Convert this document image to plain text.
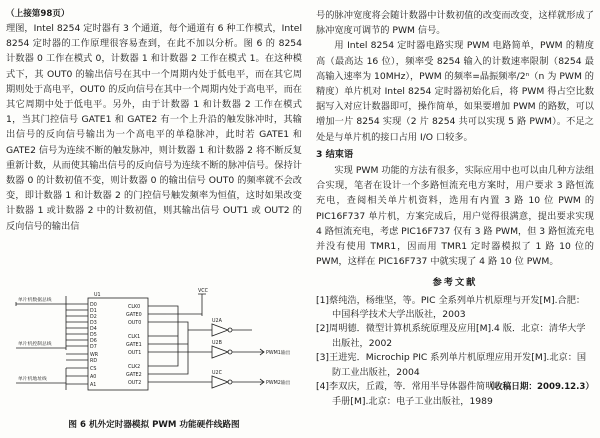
（上接第98页）

理图，Intel 8254 定时器有 3 个通道，每个通道有 6 种工作模式，Intel 8254 定时器的工作原理很容易查到，在此不加以分析。图 6 的 8254 计数器 0 工作在模式 0，计数器 1 和计数器 2 工作在模式 1。在这种模式下，其 OUT0 的输出信号在其中一个周期内处于低电平，而在其它周期则处于高电平，OUT0 的反向信号在其中一个周期内处于高电平，而在其它周期中处于低电平。另外，由于计数器 1 和计数器 2 工作在模式 1，当其门控信号 GATE1 和 GATE2 有一个上升沿的触发脉冲时，其输出信号的反向信号输出为一个高电平的单稳脉冲，此时若 GATE1 和 GATE2 信号为连续不断的触发脉冲，则计数器 1 和计数器 2 将不断反复重新计数，从而使其输出信号的反向信号为连续不断的脉冲信号。保持计数器 0 的计数初值不变，则计数器 0 的输出信号 OUT0 的频率就不会改变，即计数器 1 和计数器 2 的门控信号触发频率为恒值，这时如果改变计数器 1 或计数器 2 中的计数初值，则其输出信号 OUT1 或 OUT2 的反向信号的输出信

号的脉冲宽度将会随计数器中计数初值的改变而改变，这样就形成了脉冲宽度可调节的 PWM 信号。

用 Intel 8254 定时器电路实现 PWM 电路简单，PWM 的精度高（最高达 16 位），频率受 8254 输入的计数速率限制（8254 最高输入速率为 10MHz），PWM 的频率=晶振频率/2ⁿ（n 为 PWM 的精度）单片机对 Intel 8254 定时器初始化后，将 PWM 得占空比数据写入对应计数器即可，操作简单，如果要增加 PWM 的路数，可以增加一片 8254 实现（2 片 8254 共可以实现 5 路 PWM）。不足之处是与单片机的接口占用 I/O 口较多。

3 结束语

实现 PWM 功能的方法有很多，实际应用中也可以由几种方法组合实现，笔者在设计一个多路恒流充电方案时，用户要求 3 路恒流充电，查阅相关单片机资料，选用有内置 3 路 10 位 PWM 的 PIC16F737 单片机，方案完成后，用户觉得很满意，提出要求实现 4 路恒流充电，考虑 PIC16F737 仅有 3 路 PWM，但 3 路恒流充电并没有使用 TMR1，因而用 TMR1 定时器模拟了 1 路 10 位的 PWM，这样在 PIC16F737 中就实现了 4 路 10 位 PWM。

参考文献

[1]蔡纯浩，杨维坚，等。PIC 全系列单片机原理与开发[M].合肥：中国科学技术大学出版社，2003

[2]周明德．微型计算机系统原理及应用[M].4 版．北京：清华大学出版社，2002

[3]王进宪．Microchip PIC 系列单片机原理应用开发[M].北京：国防工业出版社，2004

（收稿日期：2009.12.3）
[4]李双庆，丘霞，等．常用半导体器件简明手册[M].北京：电子工业出版社，1989

U1
VCC
U2A
U2B
U2C
D0
D1
D2
D3
D4
D5
D6
D7
WR
RD
CS
A0
A1
CLK0
GATE0
OUT0
CLK1
GATE1
OUT1
CLK2
GATE2
OUT2
单片机数据总线
单片机控制总线
单片机地址线
PWM1输出
PWM2输出
图 6 机外定时器模拟 PWM 功能硬件线路图
